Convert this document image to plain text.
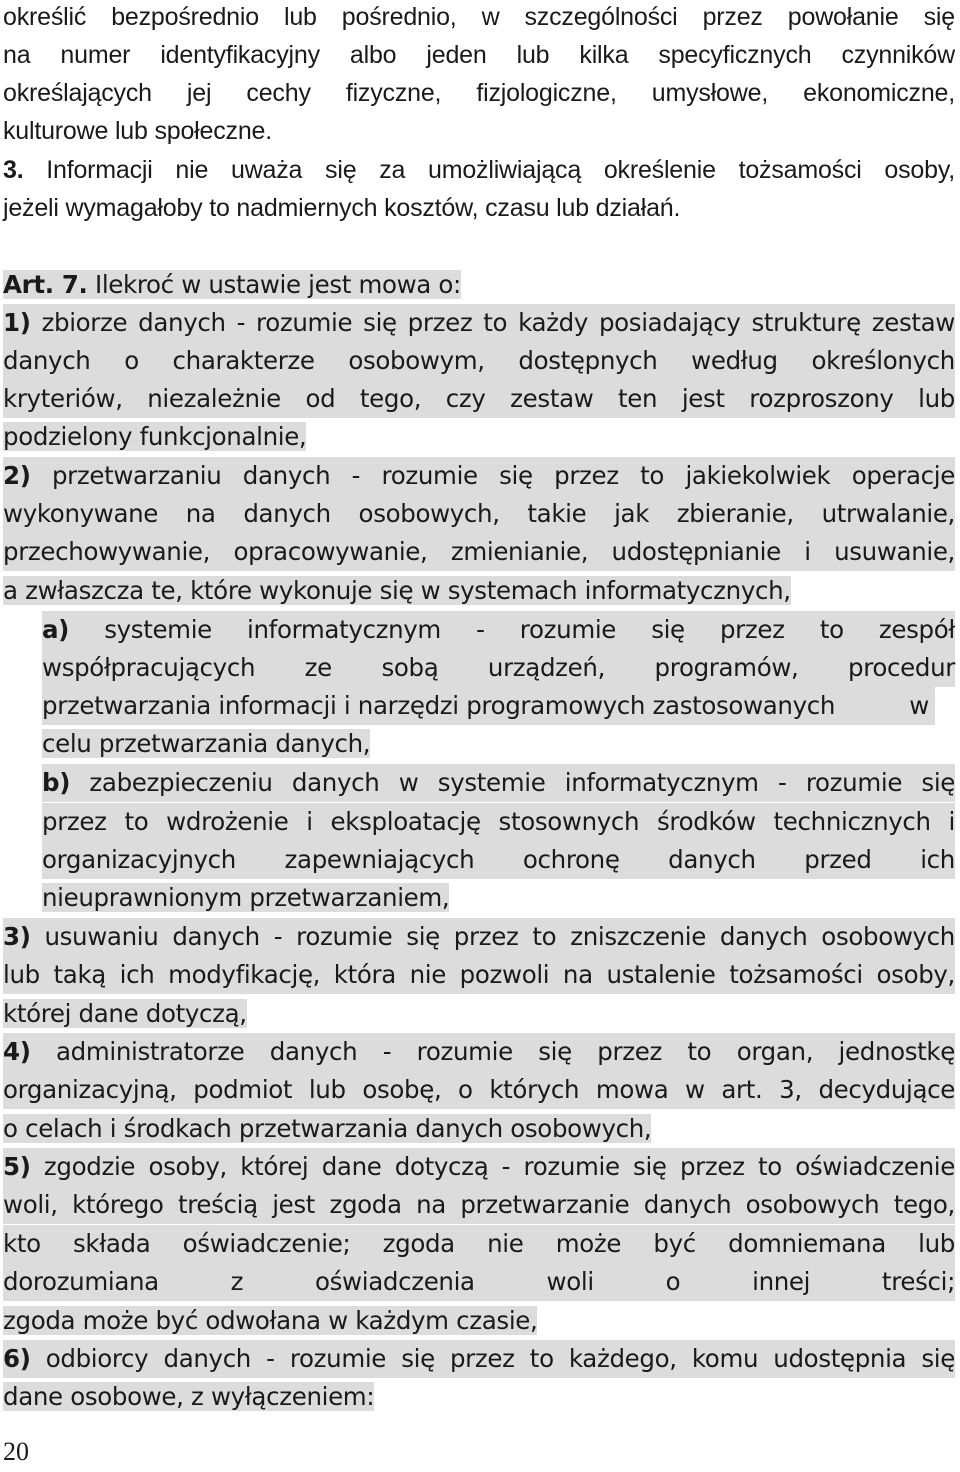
określić bezpośrednio lub pośrednio, w szczególności przez powołanie się
na numer identyfikacyjny albo jeden lub kilka specyficznych czynników
określających jej cechy fizyczne, fizjologiczne, umysłowe, ekonomiczne,
kulturowe lub społeczne.
3. Informacji nie uważa się za umożliwiającą określenie tożsamości osoby,
jeżeli wymagałoby to nadmiernych kosztów, czasu lub działań.
Art. 7. Ilekroć w ustawie jest mowa o:
1) zbiorze danych - rozumie się przez to każdy posiadający strukturę zestaw
danych o charakterze osobowym, dostępnych według określonych
kryteriów, niezależnie od tego, czy zestaw ten jest rozproszony lub
podzielony funkcjonalnie,
2) przetwarzaniu danych - rozumie się przez to jakiekolwiek operacje
wykonywane na danych osobowych, takie jak zbieranie, utrwalanie,
przechowywanie, opracowywanie, zmienianie, udostępnianie i usuwanie,
a zwłaszcza te, które wykonuje się w systemach informatycznych,
a) systemie informatycznym - rozumie się przez to zespół
współpracujących ze sobą urządzeń, programów, procedur
przetwarzania informacji i narzędzi programowych zastosowanych	w
celu przetwarzania danych,
b) zabezpieczeniu danych w systemie informatycznym - rozumie się
przez to wdrożenie i eksploatację stosownych środków technicznych i
organizacyjnych zapewniających ochronę danych przed ich
nieuprawnionym przetwarzaniem,
3) usuwaniu danych - rozumie się przez to zniszczenie danych osobowych
lub taką ich modyfikację, która nie pozwoli na ustalenie tożsamości osoby,
której dane dotyczą,
4) administratorze danych - rozumie się przez to organ, jednostkę
organizacyjną, podmiot lub osobę, o których mowa w art. 3, decydujące
o celach i środkach przetwarzania danych osobowych,
5) zgodzie osoby, której dane dotyczą - rozumie się przez to oświadczenie
woli, którego treścią jest zgoda na przetwarzanie danych osobowych tego,
kto składa oświadczenie; zgoda nie może być domniemana lub
dorozumiana z oświadczenia woli o innej treści;
zgoda może być odwołana w każdym czasie,
6) odbiorcy danych - rozumie się przez to każdego, komu udostępnia się
dane osobowe, z wyłączeniem:
20
